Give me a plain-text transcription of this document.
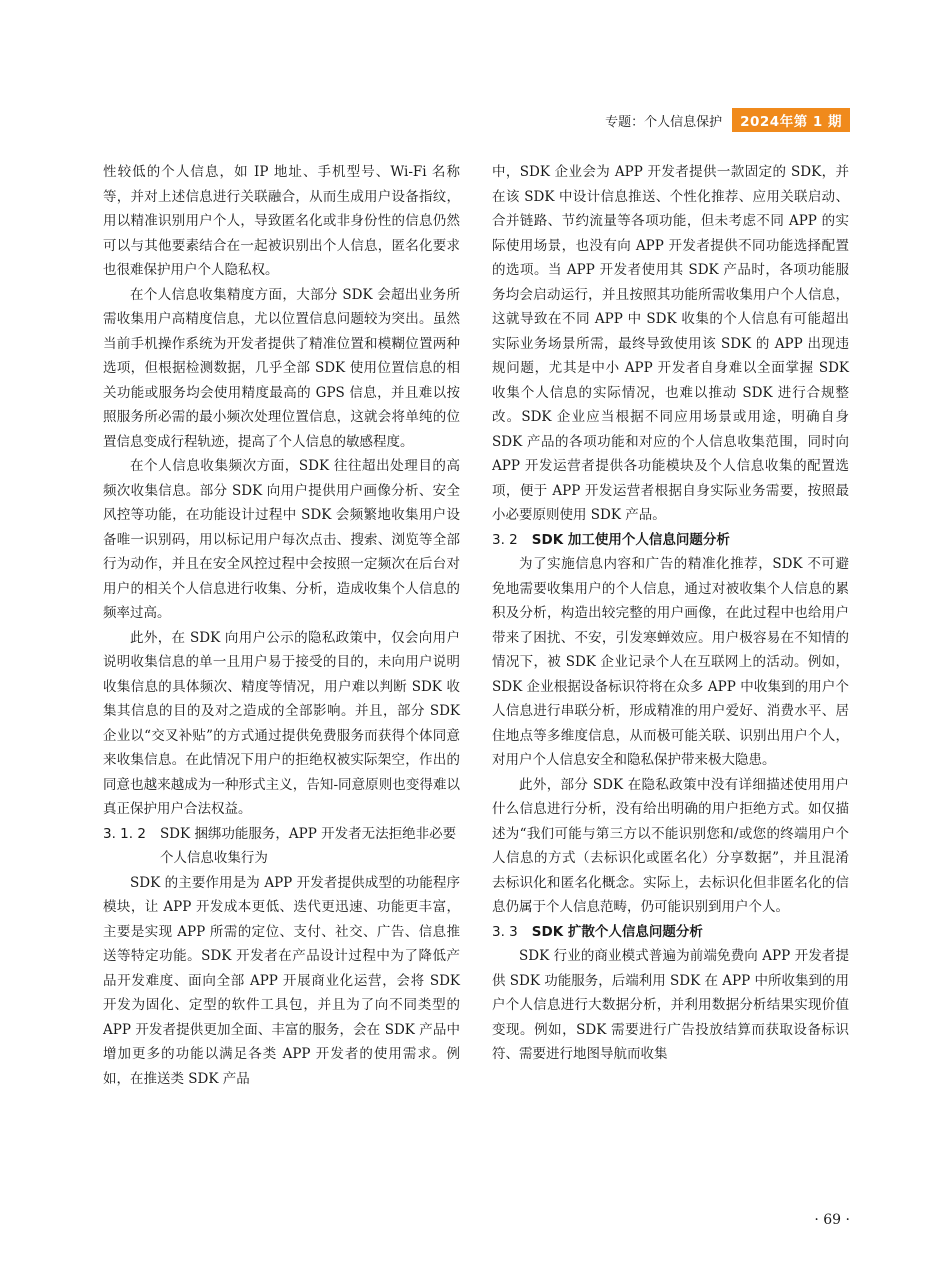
专题：个人信息保护	2024年第 1 期

性较低的个人信息，如 IP 地址、手机型号、Wi-Fi 名称等，并对上述信息进行关联融合，从而生成用户设备指纹，用以精准识别用户个人，导致匿名化或非身份性的信息仍然可以与其他要素结合在一起被识别出个人信息，匿名化要求也很难保护用户个人隐私权。

在个人信息收集精度方面，大部分 SDK 会超出业务所需收集用户高精度信息，尤以位置信息问题较为突出。虽然当前手机操作系统为开发者提供了精准位置和模糊位置两种选项，但根据检测数据，几乎全部 SDK 使用位置信息的相关功能或服务均会使用精度最高的 GPS 信息，并且难以按照服务所必需的最小频次处理位置信息，这就会将单纯的位置信息变成行程轨迹，提高了个人信息的敏感程度。

在个人信息收集频次方面，SDK 往往超出处理目的高频次收集信息。部分 SDK 向用户提供用户画像分析、安全风控等功能，在功能设计过程中 SDK 会频繁地收集用户设备唯一识别码，用以标记用户每次点击、搜索、浏览等全部行为动作，并且在安全风控过程中会按照一定频次在后台对用户的相关个人信息进行收集、分析，造成收集个人信息的频率过高。

此外，在 SDK 向用户公示的隐私政策中，仅会向用户说明收集信息的单一且用户易于接受的目的，未向用户说明收集信息的具体频次、精度等情况，用户难以判断 SDK 收集其信息的目的及对之造成的全部影响。并且，部分 SDK 企业以“交叉补贴”的方式通过提供免费服务而获得个体同意来收集信息。在此情况下用户的拒绝权被实际架空，作出的同意也越来越成为一种形式主义，告知-同意原则也变得难以真正保护用户合法权益。

3. 1. 2 SDK 捆绑功能服务，APP 开发者无法拒绝非必要个人信息收集行为

SDK 的主要作用是为 APP 开发者提供成型的功能程序模块，让 APP 开发成本更低、迭代更迅速、功能更丰富，主要是实现 APP 所需的定位、支付、社交、广告、信息推送等特定功能。SDK 开发者在产品设计过程中为了降低产品开发难度、面向全部 APP 开展商业化运营，会将 SDK 开发为固化、定型的软件工具包，并且为了向不同类型的 APP 开发者提供更加全面、丰富的服务，会在 SDK 产品中增加更多的功能以满足各类 APP 开发者的使用需求。例如，在推送类 SDK 产品

中，SDK 企业会为 APP 开发者提供一款固定的 SDK，并在该 SDK 中设计信息推送、个性化推荐、应用关联启动、合并链路、节约流量等各项功能，但未考虑不同 APP 的实际使用场景，也没有向 APP 开发者提供不同功能选择配置的选项。当 APP 开发者使用其 SDK 产品时，各项功能服务均会启动运行，并且按照其功能所需收集用户个人信息，这就导致在不同 APP 中 SDK 收集的个人信息有可能超出实际业务场景所需，最终导致使用该 SDK 的 APP 出现违规问题，尤其是中小 APP 开发者自身难以全面掌握 SDK 收集个人信息的实际情况，也难以推动 SDK 进行合规整改。SDK 企业应当根据不同应用场景或用途，明确自身 SDK 产品的各项功能和对应的个人信息收集范围，同时向 APP 开发运营者提供各功能模块及个人信息收集的配置选项，便于 APP 开发运营者根据自身实际业务需要，按照最小必要原则使用 SDK 产品。

3. 2 SDK 加工使用个人信息问题分析

为了实施信息内容和广告的精准化推荐，SDK 不可避免地需要收集用户的个人信息，通过对被收集个人信息的累积及分析，构造出较完整的用户画像，在此过程中也给用户带来了困扰、不安，引发寒蝉效应。用户极容易在不知情的情况下，被 SDK 企业记录个人在互联网上的活动。例如，SDK 企业根据设备标识符将在众多 APP 中收集到的用户个人信息进行串联分析，形成精准的用户爱好、消费水平、居住地点等多维度信息，从而极可能关联、识别出用户个人，对用户个人信息安全和隐私保护带来极大隐患。

此外，部分 SDK 在隐私政策中没有详细描述使用用户什么信息进行分析，没有给出明确的用户拒绝方式。如仅描述为“我们可能与第三方以不能识别您和/或您的终端用户个人信息的方式（去标识化或匿名化）分享数据”，并且混淆去标识化和匿名化概念。实际上，去标识化但非匿名化的信息仍属于个人信息范畴，仍可能识别到用户个人。

3. 3 SDK 扩散个人信息问题分析

SDK 行业的商业模式普遍为前端免费向 APP 开发者提供 SDK 功能服务，后端利用 SDK 在 APP 中所收集到的用户个人信息进行大数据分析，并利用数据分析结果实现价值变现。例如，SDK 需要进行广告投放结算而获取设备标识符、需要进行地图导航而收集

· 69 ·
